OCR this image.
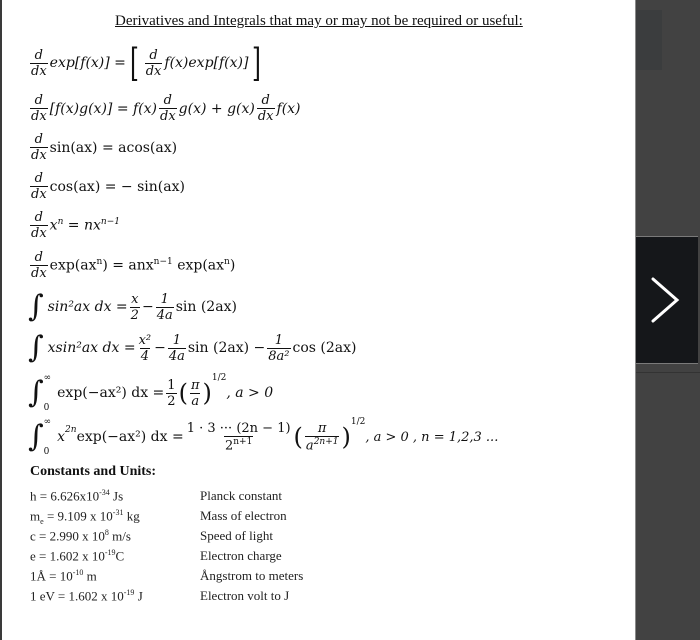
Derivatives and Integrals that may or may not be required or useful:
$\frac{d}{dx} \exp[f(x)]$ = [ $\frac{d}{dx} f(x)\exp[f(x)]$ ]
$\frac{d}{dx} [f(x)g(x)] = f(x) \frac{d}{dx} g(x) + g(x) \frac{d}{dx} f(x)$
$\frac{d}{dx} \sin(ax) = acos(ax)$
$\frac{d}{dx} \cos(ax)$ = − sin(ax)
$\frac{d}{dx} x^n = nx^{n-1}$
$\frac{d}{dx} \exp(ax^n) = anx^{n-1}$ $\exp(ax^n)$
∫ sin²ax dx = $\frac{x}{2} - \frac{1}{4a}$ sin (2ax)
∫ xsin²ax dx = $\frac{\text{x²}}{4} - \frac{1}{4a}$ $\sin (2ax) - \frac{1}{\text{8a²}}$ cos (2ax)
∫ ∞
0
exp(−ax²) dx = $\frac{1}{2}$ ( $\frac{\pi}{a}$ )
$^{1/2}$
, a > 0
∫ ∞
0
$x^{2n}$ exp(−ax²) dx = $\frac{1 \cdot 3 \cdot\cdot\cdot (2n - 1)}{2^{n+1}}$ ( $\frac{\pi}{a^{2n+1}}$ )
$^{1/2}$
, a > 0 , n = 1,2,3 ...
Constants and Units:
$h = 6.626x10^{-34}$ Js	Planck constant
$m_e = 9.109$ x $10^{-31}$ kg	Mass of electron
c = 2.990 x $10^8$ m/s	Speed of light
e = 1.602 x $10^{-19}C$	Electron charge
1Å = $10^{-10}$ m	Ångstrom to meters
1 eV = 1.602 x $10^{-19}$ J	Electron volt to J
